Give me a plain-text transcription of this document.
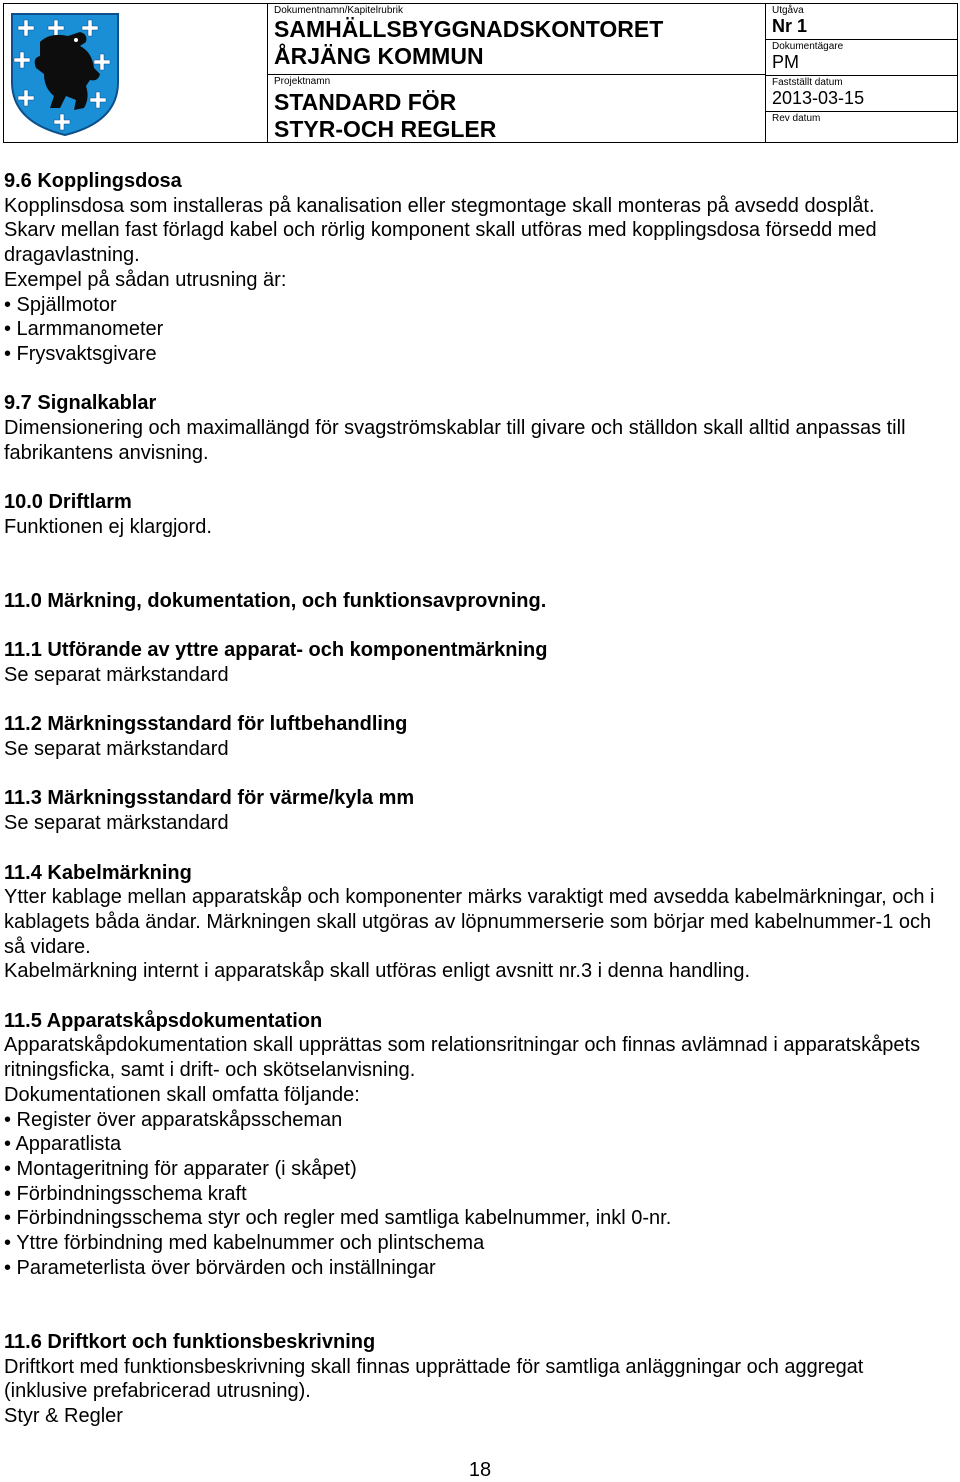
Dokumentnamn/Kapitelrubrik
SAMHÄLLSBYGGNADSKONTORET
ÅRJÄNG KOMMUN
Projektnamn
STANDARD FÖR
STYR-OCH REGLER
Utgåva
Nr 1
Dokumentägare
PM
Fastställt datum
2013-03-15
Rev datum
9.6 Kopplingsdosa

Kopplinsdosa som installeras på kanalisation eller stegmontage skall monteras på avsedd dosplåt.

Skarv mellan fast förlagd kabel och rörlig komponent skall utföras med kopplingsdosa försedd med dragavlastning.

Exempel på sådan utrusning är:

• Spjällmotor

• Larmmanometer

• Frysvaktsgivare

9.7 Signalkablar

Dimensionering och maximallängd för svagströmskablar till givare och ställdon skall alltid anpassas till fabrikantens anvisning.

10.0 Driftlarm

Funktionen ej klargjord.

11.0 Märkning, dokumentation, och funktionsavprovning.
11.1 Utförande av yttre apparat- och komponentmärkning

Se separat märkstandard

11.2 Märkningsstandard för luftbehandling

Se separat märkstandard

11.3 Märkningsstandard för värme/kyla mm

Se separat märkstandard

11.4 Kabelmärkning

Ytter kablage mellan apparatskåp och komponenter märks varaktigt med avsedda kabelmärkningar, och i kablagets båda ändar. Märkningen skall utgöras av löpnummerserie som börjar med kabelnummer-1 och så vidare.

Kabelmärkning internt i apparatskåp skall utföras enligt avsnitt nr.3 i denna handling.

11.5 Apparatskåpsdokumentation

Apparatskåpdokumentation skall upprättas som relationsritningar och finnas avlämnad i apparatskåpets ritningsficka, samt i drift- och skötselanvisning.

Dokumentationen skall omfatta följande:

• Register över apparatskåpsscheman

• Apparatlista

• Montageritning för apparater (i skåpet)

• Förbindningsschema kraft

• Förbindningsschema styr och regler med samtliga kabelnummer, inkl 0-nr.

• Yttre förbindning med kabelnummer och plintschema

• Parameterlista över börvärden och inställningar

11.6 Driftkort och funktionsbeskrivning

Driftkort med funktionsbeskrivning skall finnas upprättade för samtliga anläggningar och aggregat (inklusive prefabricerad utrusning).

Styr & Regler

18
